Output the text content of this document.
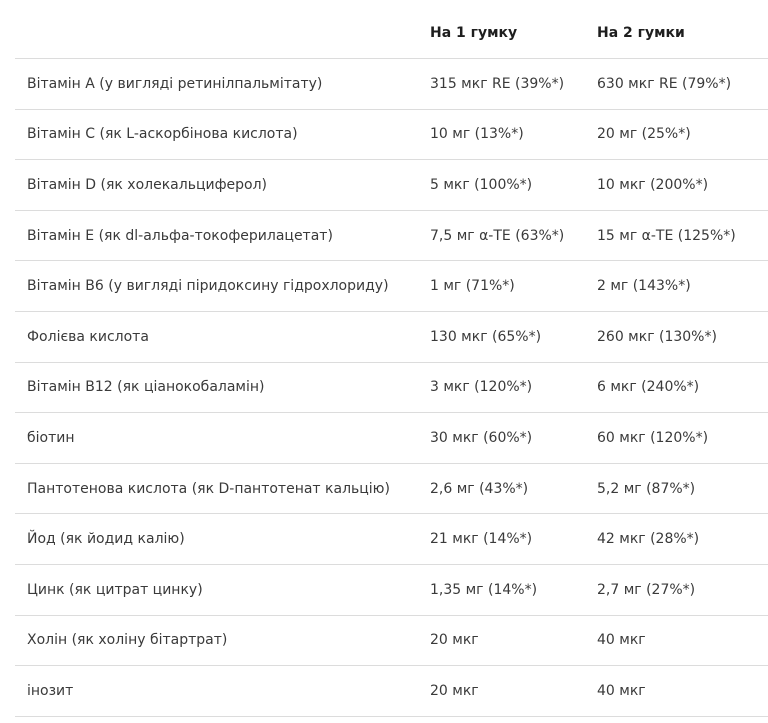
	На 1 гумку	На 2 гумки
Вітамін А (у вигляді ретинілпальмітату)	315 мкг RE (39%*)	630 мкг RE (79%*)
Вітамін С (як L-аскорбінова кислота)	10 мг (13%*)	20 мг (25%*)
Вітамін D (як холекальциферол)	5 мкг (100%*)	10 мкг (200%*)
Вітамін E (як dl-альфа-токоферилацетат)	7,5 мг α-TE (63%*)	15 мг α-TE (125%*)
Вітамін B6 (у вигляді піридоксину гідрохлориду)	1 мг (71%*)	2 мг (143%*)
Фолієва кислота	130 мкг (65%*)	260 мкг (130%*)
Вітамін B12 (як ціанокобаламін)	3 мкг (120%*)	6 мкг (240%*)
біотин	30 мкг (60%*)	60 мкг (120%*)
Пантотенова кислота (як D-пантотенат кальцію)	2,6 мг (43%*)	5,2 мг (87%*)
Йод (як йодид калію)	21 мкг (14%*)	42 мкг (28%*)
Цинк (як цитрат цинку)	1,35 мг (14%*)	2,7 мг (27%*)
Холін (як холіну бітартрат)	20 мкг	40 мкг
інозит	20 мкг	40 мкг
